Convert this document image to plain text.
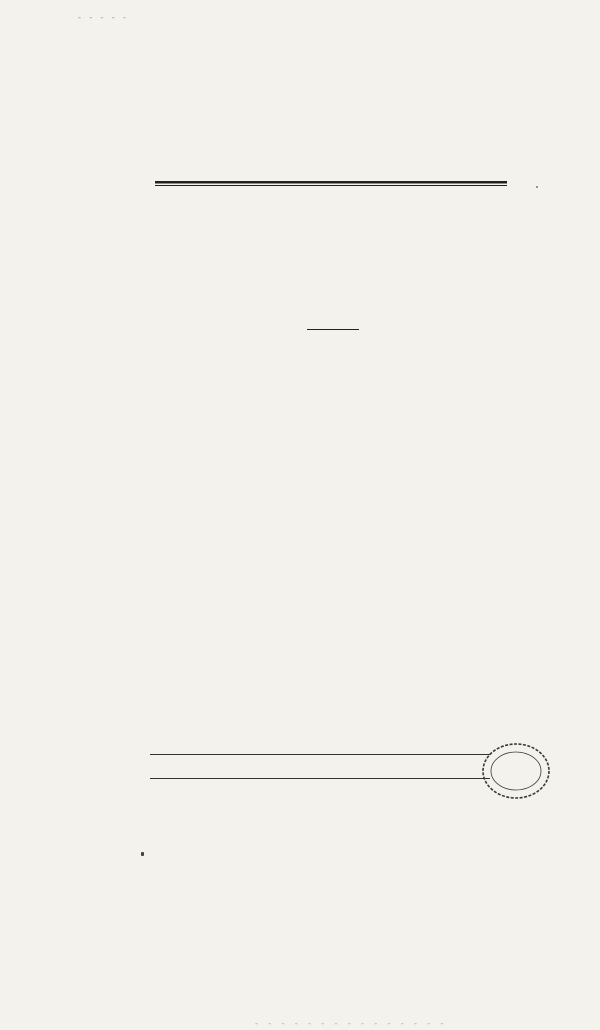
- - - - -

- - - - - - - - - - - - - - -
